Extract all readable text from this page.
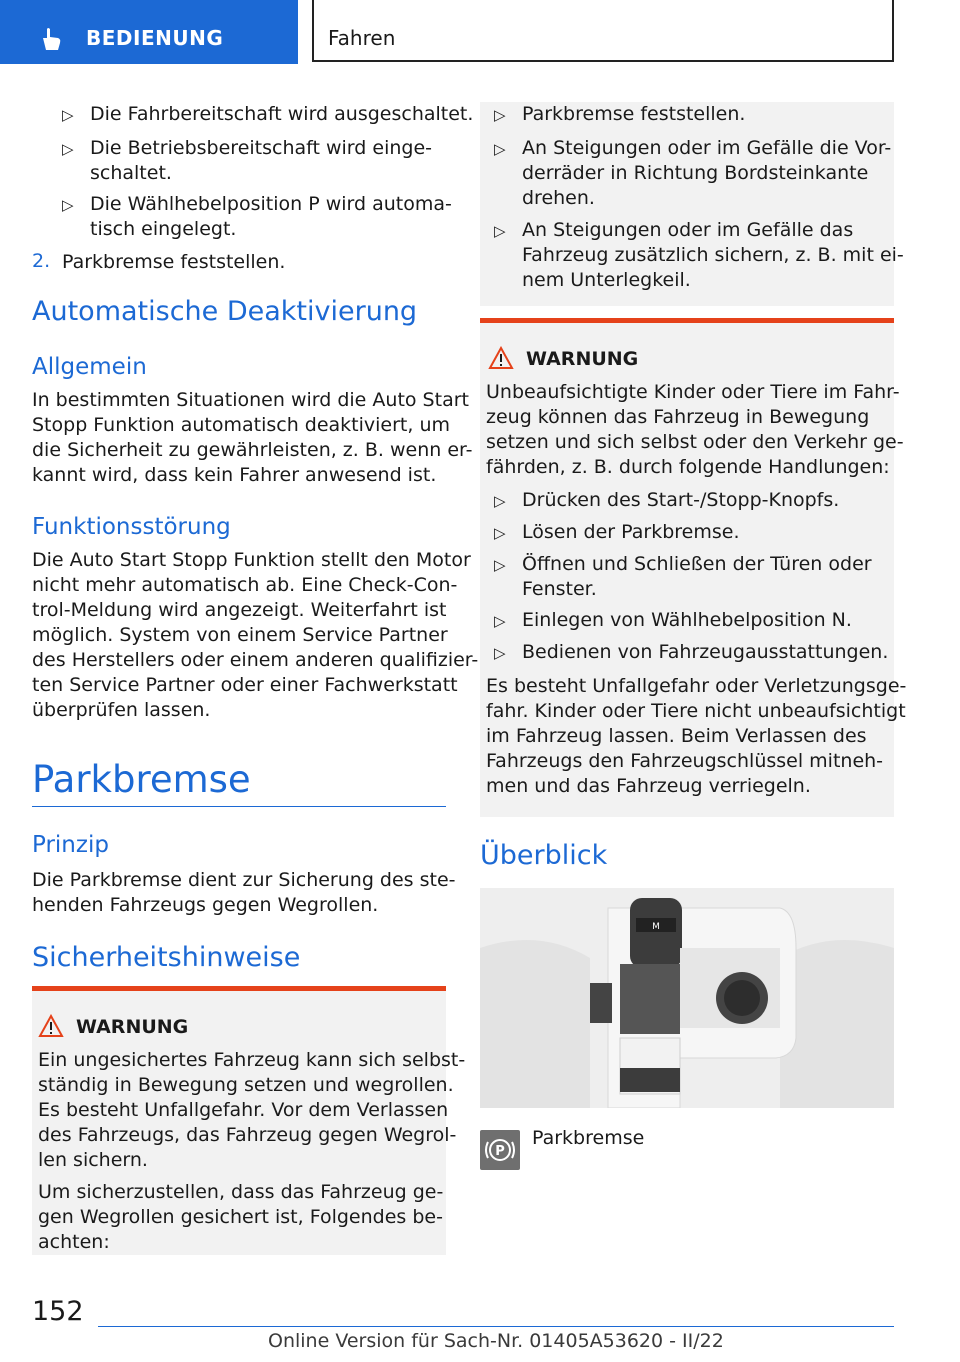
BEDIENUNG	Fahren
▷ Die Fahrbereitschaft wird ausgeschaltet.
▷ Die Betriebsbereitschaft wird einge-
schaltet.
▷ Die Wählhebelposition P wird automa-
tisch eingelegt.
2. Parkbremse feststellen.
Automatische Deaktivierung
Allgemein
In bestimmten Situationen wird die Auto Start
Stopp Funktion automatisch deaktiviert, um
die Sicherheit zu gewährleisten, z. B. wenn er-
kannt wird, dass kein Fahrer anwesend ist.
Funktionsstörung
Die Auto Start Stopp Funktion stellt den Motor
nicht mehr automatisch ab. Eine Check-Con-
trol-Meldung wird angezeigt. Weiterfahrt ist
möglich. System von einem Service Partner
des Herstellers oder einem anderen qualifizier-
ten Service Partner oder einer Fachwerkstatt
überprüfen lassen.
Parkbremse
Prinzip
Die Parkbremse dient zur Sicherung des ste-
henden Fahrzeugs gegen Wegrollen.
Sicherheitshinweise
WARNUNG
Ein ungesichertes Fahrzeug kann sich selbst-
ständig in Bewegung setzen und wegrollen.
Es besteht Unfallgefahr. Vor dem Verlassen
des Fahrzeugs, das Fahrzeug gegen Wegrol-
len sichern.
Um sicherzustellen, dass das Fahrzeug ge-
gen Wegrollen gesichert ist, Folgendes be-
achten:
▷ Parkbremse feststellen.
▷ An Steigungen oder im Gefälle die Vor-
derräder in Richtung Bordsteinkante
drehen.
▷ An Steigungen oder im Gefälle das
Fahrzeug zusätzlich sichern, z. B. mit ei-
nem Unterlegkeil.
WARNUNG
Unbeaufsichtigte Kinder oder Tiere im Fahr-
zeug können das Fahrzeug in Bewegung
setzen und sich selbst oder den Verkehr ge-
fährden, z. B. durch folgende Handlungen:
▷ Drücken des Start-/Stopp-Knopfs.
▷ Lösen der Parkbremse.
▷ Öffnen und Schließen der Türen oder
Fenster.
▷ Einlegen von Wählhebelposition N.
▷ Bedienen von Fahrzeugausstattungen.
Es besteht Unfallgefahr oder Verletzungsge-
fahr. Kinder oder Tiere nicht unbeaufsichtigt
im Fahrzeug lassen. Beim Verlassen des
Fahrzeugs den Fahrzeugschlüssel mitneh-
men und das Fahrzeug verriegeln.
Überblick
M
P
Parkbremse
152
Online Version für Sach-Nr. 01405A53620 - II/22
